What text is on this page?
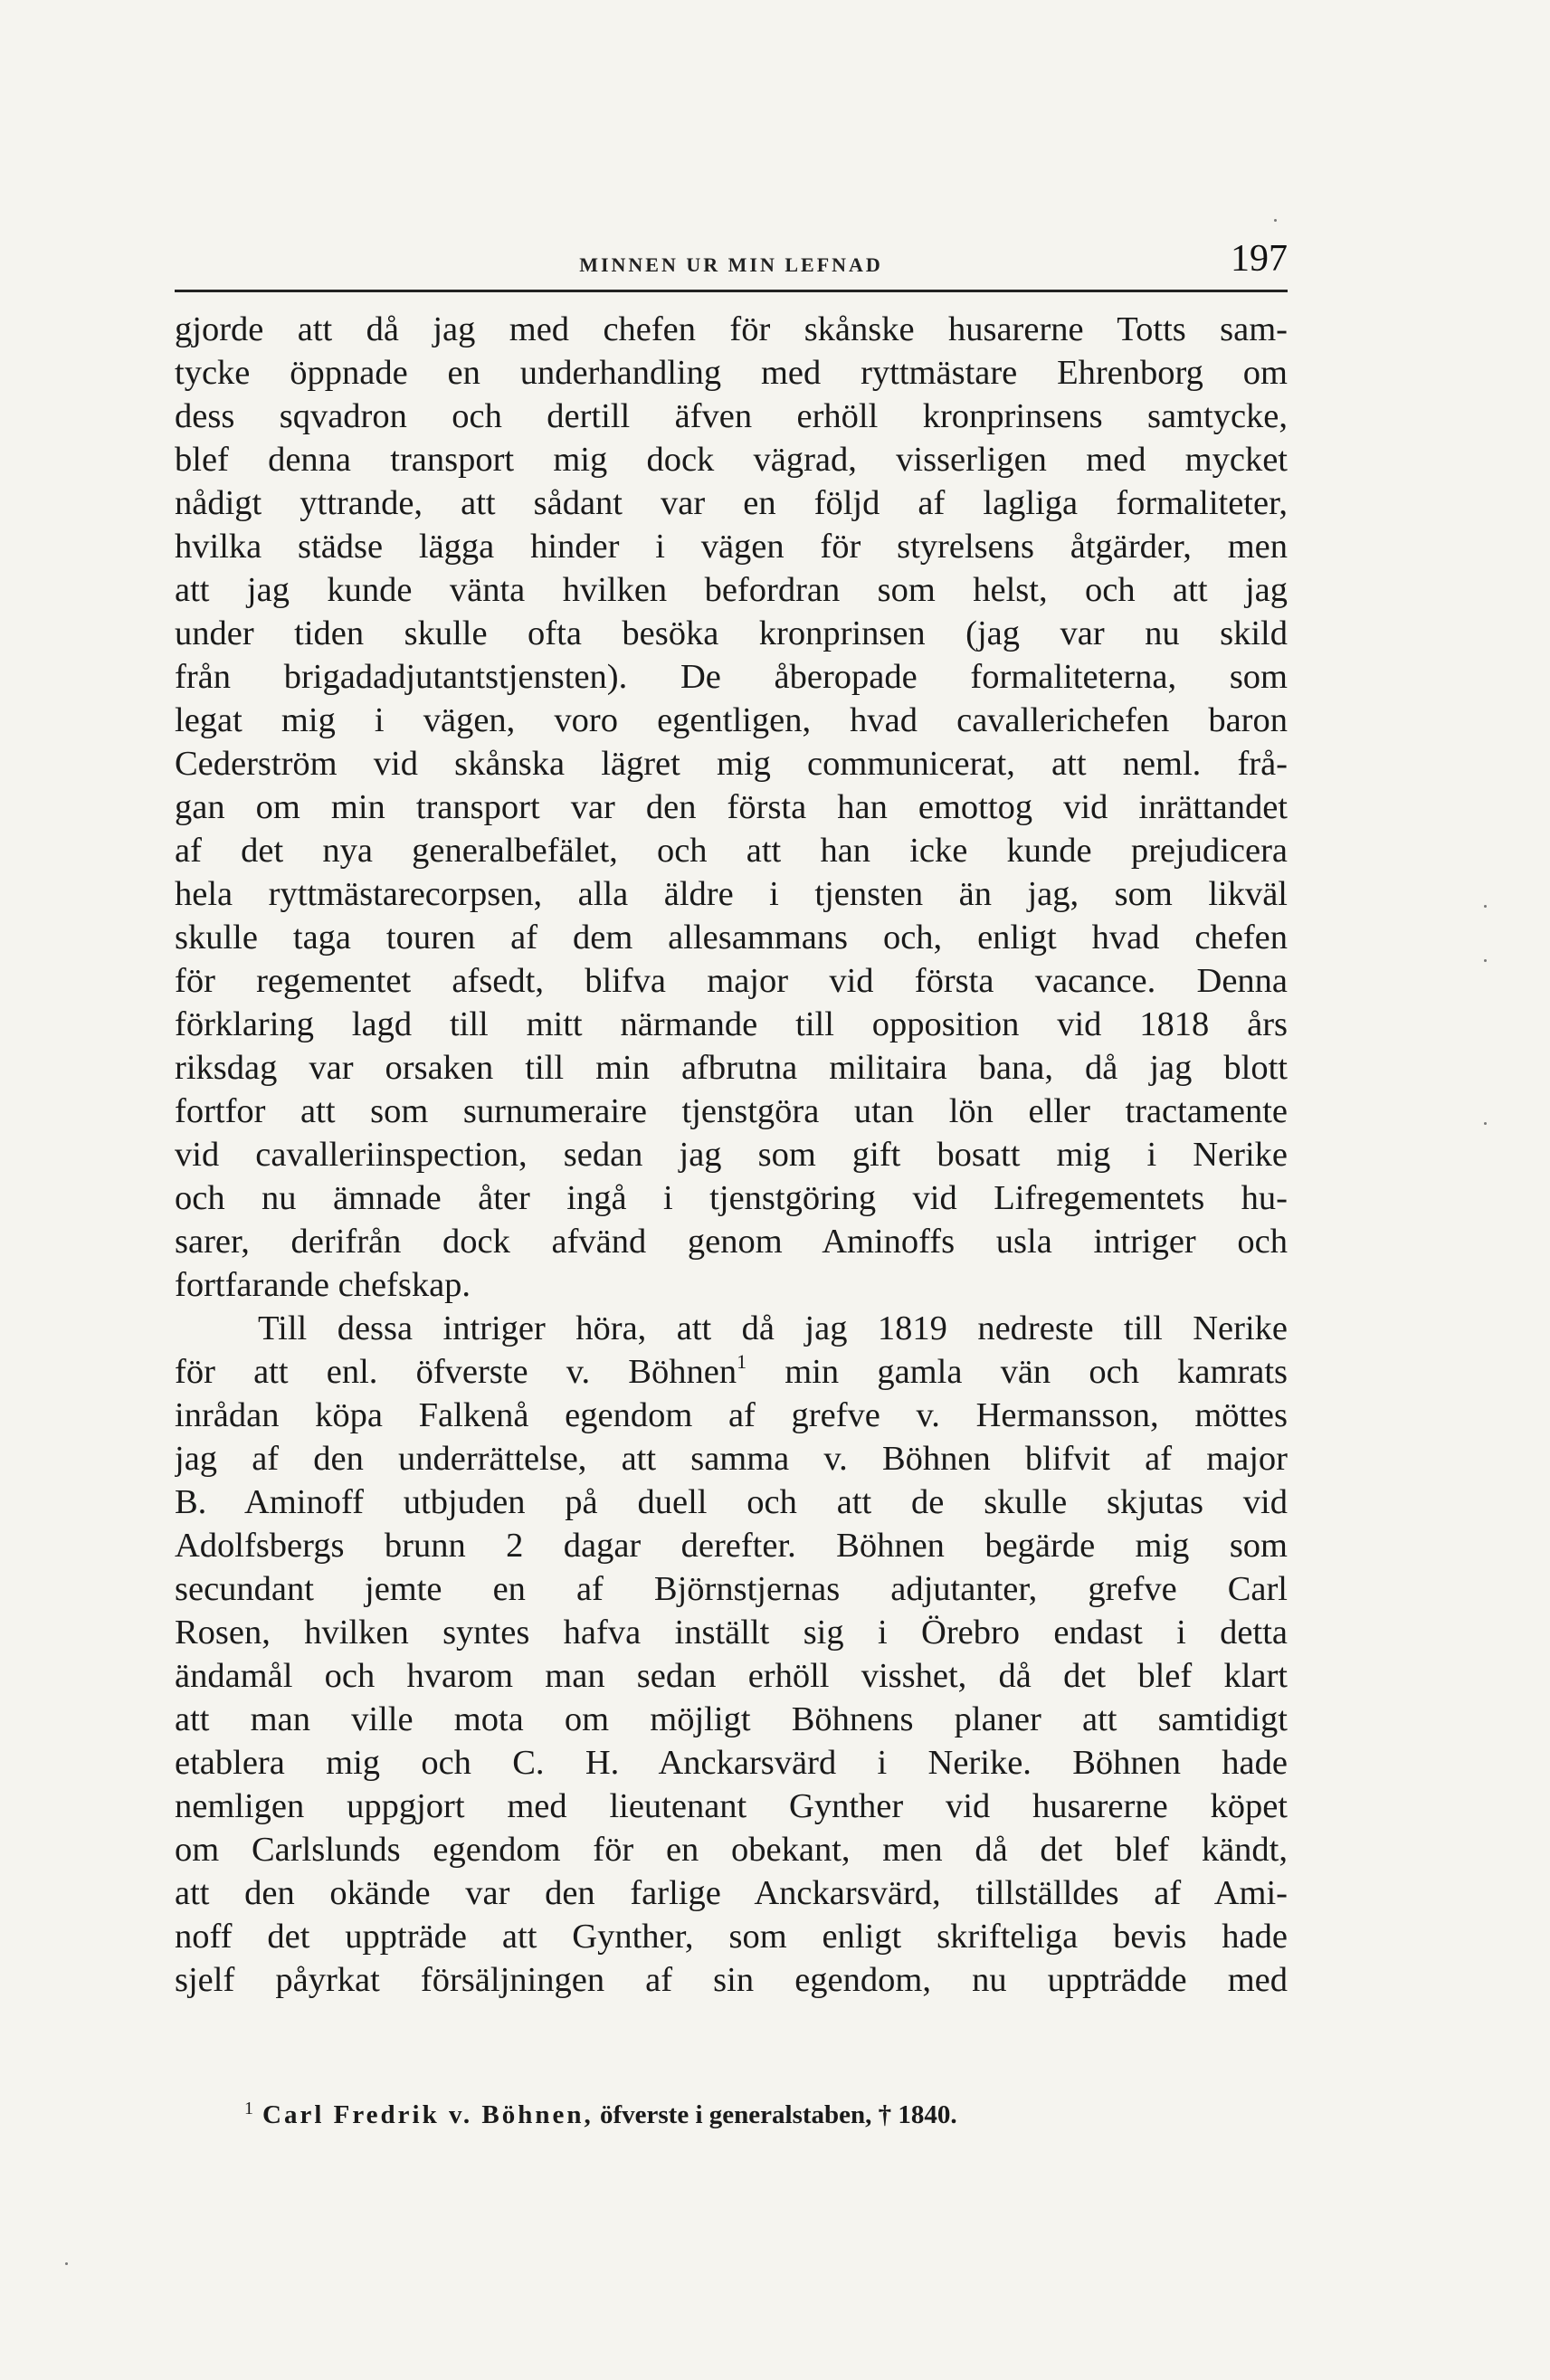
MINNEN UR MIN LEFNAD	197
gjorde att då jag med chefen för skånske husarerne Totts sam-
tycke öppnade en underhandling med ryttmästare Ehrenborg om
dess sqvadron och dertill äfven erhöll kronprinsens samtycke,
blef denna transport mig dock vägrad, visserligen med mycket
nådigt yttrande, att sådant var en följd af lagliga formaliteter,
hvilka städse lägga hinder i vägen för styrelsens åtgärder, men
att jag kunde vänta hvilken befordran som helst, och att jag
under tiden skulle ofta besöka kronprinsen (jag var nu skild
från brigadadjutantstjensten). De åberopade formaliteterna, som
legat mig i vägen, voro egentligen, hvad cavallerichefen baron
Cederström vid skånska lägret mig communicerat, att neml. frå-
gan om min transport var den första han emottog vid inrättandet
af det nya generalbefälet, och att han icke kunde prejudicera
hela ryttmästarecorpsen, alla äldre i tjensten än jag, som likväl
skulle taga touren af dem allesammans och, enligt hvad chefen
för regementet afsedt, blifva major vid första vacance. Denna
förklaring lagd till mitt närmande till opposition vid 1818 års
riksdag var orsaken till min afbrutna militaira bana, då jag blott
fortfor att som surnumeraire tjenstgöra utan lön eller tractamente
vid cavalleriinspection, sedan jag som gift bosatt mig i Nerike
och nu ämnade åter ingå i tjenstgöring vid Lifregementets hu-
sarer, derifrån dock afvänd genom Aminoffs usla intriger och
fortfarande chefskap.
Till dessa intriger höra, att då jag 1819 nedreste till Nerike
för att enl. öfverste v. Böhnen$^1$ min gamla vän och kamrats
inrådan köpa Falkenå egendom af grefve v. Hermansson, möttes
jag af den underrättelse, att samma v. Böhnen blifvit af major
B. Aminoff utbjuden på duell och att de skulle skjutas vid
Adolfsbergs brunn 2 dagar derefter. Böhnen begärde mig som
secundant jemte en af Björnstjernas adjutanter, grefve Carl
Rosen, hvilken syntes hafva inställt sig i Örebro endast i detta
ändamål och hvarom man sedan erhöll visshet, då det blef klart
att man ville mota om möjligt Böhnens planer att samtidigt
etablera mig och C. H. Anckarsvärd i Nerike. Böhnen hade
nemligen uppgjort med lieutenant Gynther vid husarerne köpet
om Carlslunds egendom för en obekant, men då det blef kändt,
att den okände var den farlige Anckarsvärd, tillställdes af Ami-
noff det uppträde att Gynther, som enligt skrifteliga bevis hade
sjelf påyrkat försäljningen af sin egendom, nu uppträdde med
$^1$ Carl Fredrik v. Böhnen, öfverste i generalstaben, † 1840.
